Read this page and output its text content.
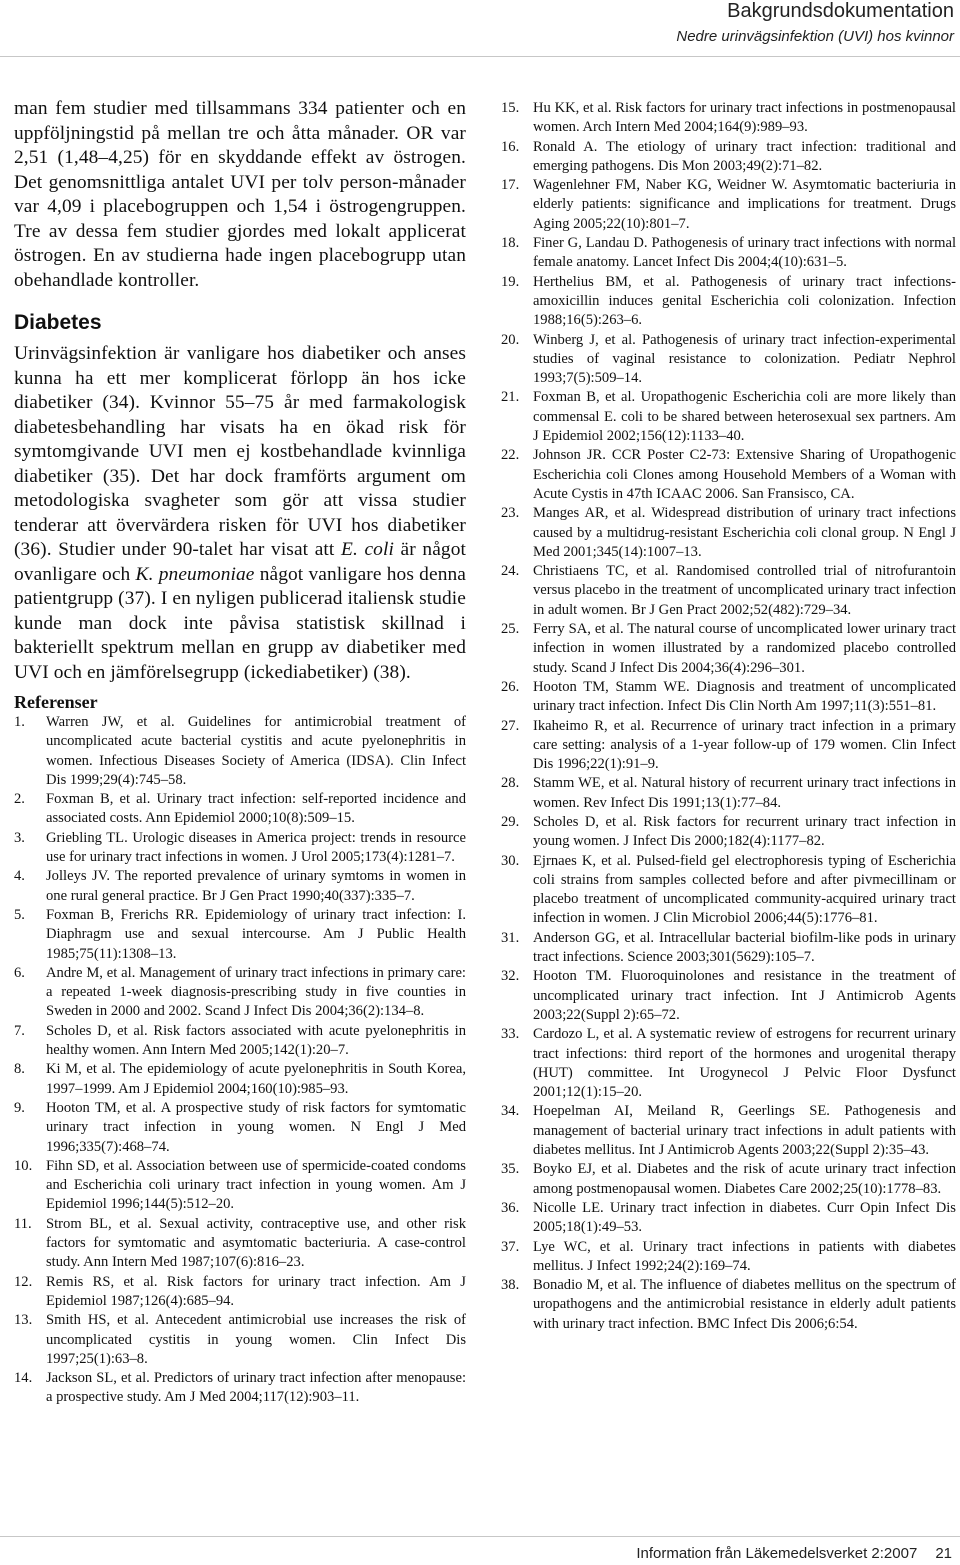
Bakgrundsdokumentation
Nedre urinvägsinfektion (UVI) hos kvinnor

man fem studier med tillsammans 334 patienter och en uppföljningstid på mellan tre och åtta månader. OR var 2,51 (1,48–4,25) för en skyddande effekt av östrogen. Det genomsnittliga antalet UVI per tolv person-månader var 4,09 i placebogruppen och 1,54 i östrogengruppen. Tre av dessa fem studier gjordes med lokalt applicerat östrogen. En av studierna hade ingen placebogrupp utan obehandlade kontroller.

Diabetes

Urinvägsinfektion är vanligare hos diabetiker och anses kunna ha ett mer komplicerat förlopp än hos icke diabetiker (34). Kvinnor 55–75 år med farmakologisk diabetesbehandling har visats ha en ökad risk för symtomgivande UVI men ej kostbehandlade kvinnliga diabetiker (35). Det har dock framförts argument om metodologiska svagheter som gör att vissa studier tenderar att övervärdera risken för UVI hos diabetiker (36). Studier under 90-talet har visat att E. coli är något ovanligare och K. pneumoniae något vanligare hos denna patientgrupp (37). I en nyligen publicerad italiensk studie kunde man dock inte påvisa statistisk skillnad i bakteriellt spektrum mellan en grupp av diabetiker med UVI och en jämförelsegrupp (ickediabetiker) (38).

Referenser
1. Warren JW, et al. Guidelines for antimicrobial treatment of uncomplicated acute bacterial cystitis and acute pyelonephritis in women. Infectious Diseases Society of America (IDSA). Clin Infect Dis 1999;29(4):745–58.
2. Foxman B, et al. Urinary tract infection: self-reported incidence and associated costs. Ann Epidemiol 2000;10(8):509–15.
3. Griebling TL. Urologic diseases in America project: trends in resource use for urinary tract infections in women. J Urol 2005;173(4):1281–7.
4. Jolleys JV. The reported prevalence of urinary symtoms in women in one rural general practice. Br J Gen Pract 1990;40(337):335–7.
5. Foxman B, Frerichs RR. Epidemiology of urinary tract infection: I. Diaphragm use and sexual intercourse. Am J Public Health 1985;75(11):1308–13.
6. Andre M, et al. Management of urinary tract infections in primary care: a repeated 1-week diagnosis-prescribing study in five counties in Sweden in 2000 and 2002. Scand J Infect Dis 2004;36(2):134–8.
7. Scholes D, et al. Risk factors associated with acute pyelonephritis in healthy women. Ann Intern Med 2005;142(1):20–7.
8. Ki M, et al. The epidemiology of acute pyelonephritis in South Korea, 1997–1999. Am J Epidemiol 2004;160(10):985–93.
9. Hooton TM, et al. A prospective study of risk factors for symtomatic urinary tract infection in young women. N Engl J Med 1996;335(7):468–74.
10. Fihn SD, et al. Association between use of spermicide-coated condoms and Escherichia coli urinary tract infection in young women. Am J Epidemiol 1996;144(5):512–20.
11. Strom BL, et al. Sexual activity, contraceptive use, and other risk factors for symtomatic and asymtomatic bacteriuria. A case-control study. Ann Intern Med 1987;107(6):816–23.
12. Remis RS, et al. Risk factors for urinary tract infection. Am J Epidemiol 1987;126(4):685–94.
13. Smith HS, et al. Antecedent antimicrobial use increases the risk of uncomplicated cystitis in young women. Clin Infect Dis 1997;25(1):63–8.
14. Jackson SL, et al. Predictors of urinary tract infection after menopause: a prospective study. Am J Med 2004;117(12):903–11.
15. Hu KK, et al. Risk factors for urinary tract infections in postmenopausal women. Arch Intern Med 2004;164(9):989–93.
16. Ronald A. The etiology of urinary tract infection: traditional and emerging pathogens. Dis Mon 2003;49(2):71–82.
17. Wagenlehner FM, Naber KG, Weidner W. Asymtomatic bacteriuria in elderly patients: significance and implications for treatment. Drugs Aging 2005;22(10):801–7.
18. Finer G, Landau D. Pathogenesis of urinary tract infections with normal female anatomy. Lancet Infect Dis 2004;4(10):631–5.
19. Herthelius BM, et al. Pathogenesis of urinary tract infections-amoxicillin induces genital Escherichia coli colonization. Infection 1988;16(5):263–6.
20. Winberg J, et al. Pathogenesis of urinary tract infection-experimental studies of vaginal resistance to colonization. Pediatr Nephrol 1993;7(5):509–14.
21. Foxman B, et al. Uropathogenic Escherichia coli are more likely than commensal E. coli to be shared between heterosexual sex partners. Am J Epidemiol 2002;156(12):1133–40.
22. Johnson JR. CCR Poster C2-73: Extensive Sharing of Uropathogenic Escherichia coli Clones among Household Members of a Woman with Acute Cystis in 47th ICAAC 2006. San Fransisco, CA.
23. Manges AR, et al. Widespread distribution of urinary tract infections caused by a multidrug-resistant Escherichia coli clonal group. N Engl J Med 2001;345(14):1007–13.
24. Christiaens TC, et al. Randomised controlled trial of nitrofurantoin versus placebo in the treatment of uncomplicated urinary tract infection in adult women. Br J Gen Pract 2002;52(482):729–34.
25. Ferry SA, et al. The natural course of uncomplicated lower urinary tract infection in women illustrated by a randomized placebo controlled study. Scand J Infect Dis 2004;36(4):296–301.
26. Hooton TM, Stamm WE. Diagnosis and treatment of uncomplicated urinary tract infection. Infect Dis Clin North Am 1997;11(3):551–81.
27. Ikaheimo R, et al. Recurrence of urinary tract infection in a primary care setting: analysis of a 1-year follow-up of 179 women. Clin Infect Dis 1996;22(1):91–9.
28. Stamm WE, et al. Natural history of recurrent urinary tract infections in women. Rev Infect Dis 1991;13(1):77–84.
29. Scholes D, et al. Risk factors for recurrent urinary tract infection in young women. J Infect Dis 2000;182(4):1177–82.
30. Ejrnaes K, et al. Pulsed-field gel electrophoresis typing of Escherichia coli strains from samples collected before and after pivmecillinam or placebo treatment of uncomplicated community-acquired urinary tract infection in women. J Clin Microbiol 2006;44(5):1776–81.
31. Anderson GG, et al. Intracellular bacterial biofilm-like pods in urinary tract infections. Science 2003;301(5629):105–7.
32. Hooton TM. Fluoroquinolones and resistance in the treatment of uncomplicated urinary tract infection. Int J Antimicrob Agents 2003;22(Suppl 2):65–72.
33. Cardozo L, et al. A systematic review of estrogens for recurrent urinary tract infections: third report of the hormones and urogenital therapy (HUT) committee. Int Urogynecol J Pelvic Floor Dysfunct 2001;12(1):15–20.
34. Hoepelman AI, Meiland R, Geerlings SE. Pathogenesis and management of bacterial urinary tract infections in adult patients with diabetes mellitus. Int J Antimicrob Agents 2003;22(Suppl 2):35–43.
35. Boyko EJ, et al. Diabetes and the risk of acute urinary tract infection among postmenopausal women. Diabetes Care 2002;25(10):1778–83.
36. Nicolle LE. Urinary tract infection in diabetes. Curr Opin Infect Dis 2005;18(1):49–53.
37. Lye WC, et al. Urinary tract infections in patients with diabetes mellitus. J Infect 1992;24(2):169–74.
38. Bonadio M, et al. The influence of diabetes mellitus on the spectrum of uropathogens and the antimicrobial resistance in elderly adult patients with urinary tract infection. BMC Infect Dis 2006;6:54.
Information från Läkemedelsverket 2:2007 21
